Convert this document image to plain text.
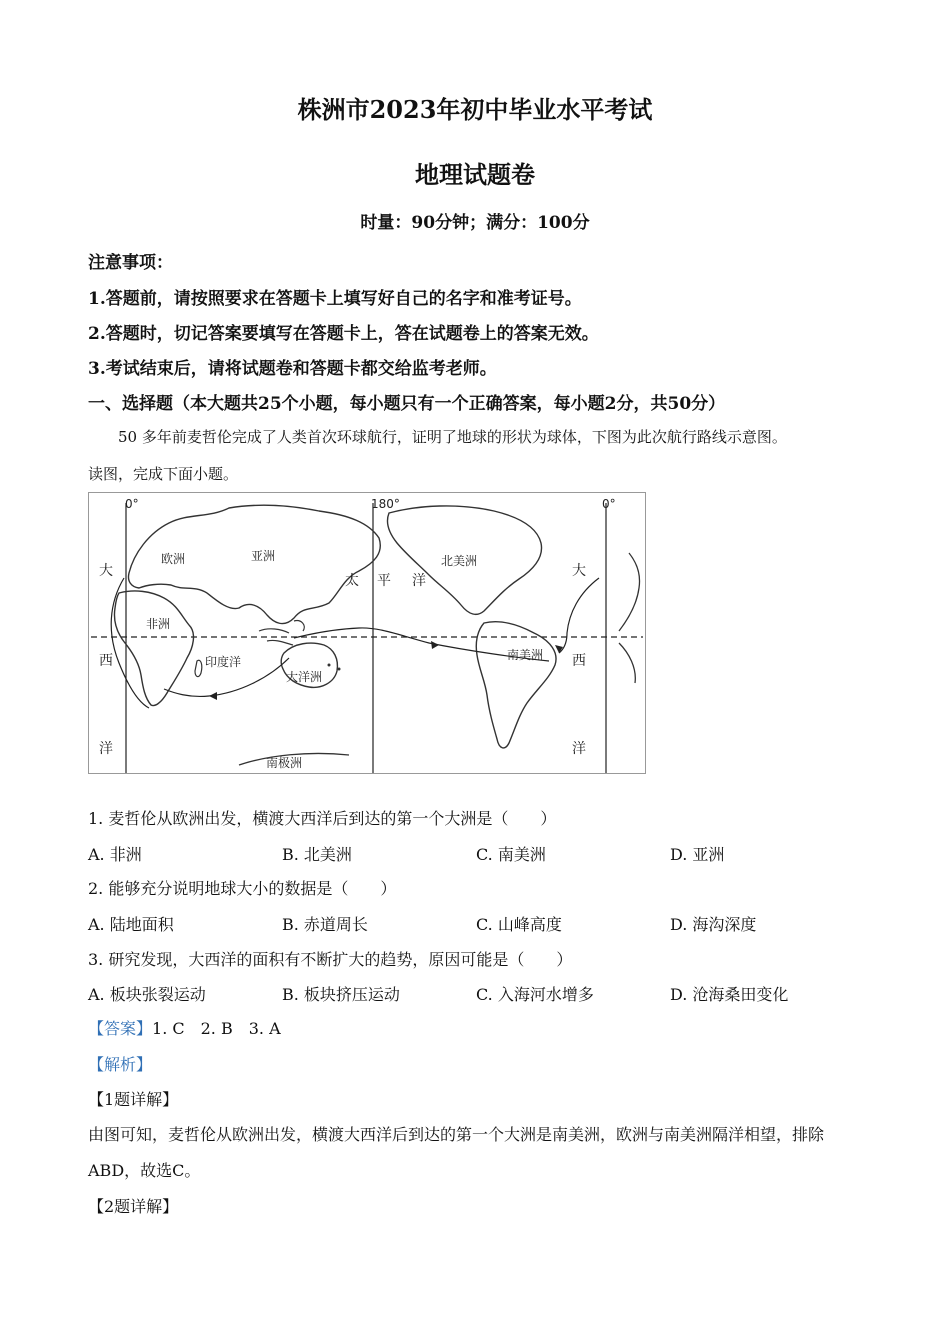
株洲市2023年初中毕业水平考试
地理试题卷
时量：90分钟；满分：100分
注意事项：
1.答题前，请按照要求在答题卡上填写好自己的名字和准考证号。
2.答题时，切记答案要填写在答题卡上，答在试题卷上的答案无效。
3.考试结束后，请将试题卷和答题卡都交给监考老师。
一、选择题（本大题共25个小题，每小题只有一个正确答案，每小题2分，共50分）
50 多年前麦哲伦完成了人类首次环球航行，证明了地球的形状为球体，下图为此次航行路线示意图。
读图，完成下面小题。
0°	180°	0°
欧洲	亚洲
非洲
北美洲
南美洲
大洋洲
南极洲
印度洋
太 平 洋
大
西
洋
大
西
洋
1. 麦哲伦从欧洲出发，横渡大西洋后到达的第一个大洲是（　　）
A. 非洲	B. 北美洲	C. 南美洲	D. 亚洲
2. 能够充分说明地球大小的数据是（　　）
A. 陆地面积	B. 赤道周长	C. 山峰高度	D. 海沟深度
3. 研究发现，大西洋的面积有不断扩大的趋势，原因可能是（　　）
A. 板块张裂运动	B. 板块挤压运动	C. 入海河水增多	D. 沧海桑田变化
【答案】1. C　2. B　3. A
【解析】
【1题详解】
由图可知，麦哲伦从欧洲出发，横渡大西洋后到达的第一个大洲是南美洲，欧洲与南美洲隔洋相望，排除
ABD，故选C。
【2题详解】
